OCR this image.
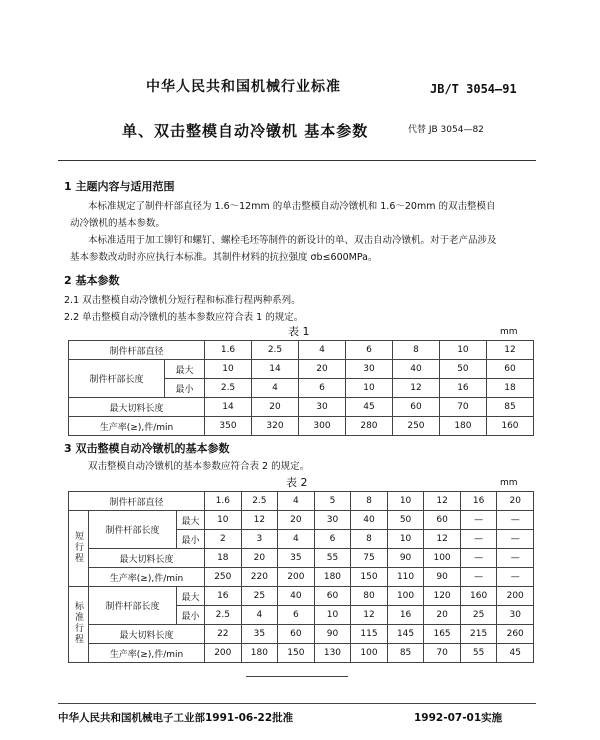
中华人民共和国机械行业标准	JB/T 3054—91
单、双击整模自动冷镦机 基本参数	代替 JB 3054—82
1 主题内容与适用范围
本标准规定了制件杆部直径为 1.6～12mm 的单击整模自动冷镦机和 1.6～20mm 的双击整模自
动冷镦机的基本参数。
本标准适用于加工铆钉和螺钉、螺栓毛坯等制件的新设计的单、双击自动冷镦机。对于老产品涉及
基本参数改动时亦应执行本标准。其制件材料的抗拉强度 σb≤600MPa。
2 基本参数
2.1 双击整模自动冷镦机分短行程和标准行程两种系列。
2.2 单击整模自动冷镦机的基本参数应符合表 1 的规定。
表 1	mm
制件杆部直径		1.6	2.5	4	6	8	10	12
制件杆部长度	最大	10	14	20	30	40	50	60
	最小	2.5	4	6	10	12	16	18
最大切料长度		14	20	30	45	60	70	85
生产率(≥),件/min		350	320	300	280	250	180	160
3 双击整模自动冷镦机的基本参数
双击整模自动冷镦机的基本参数应符合表 2 的规定。
表 2	mm
制件杆部直径			1.6	2.5	4	5	8	10	12	16	20
短行程	制件杆部长度	最大	10	12	20	30	40	50	60	—	—
		最小	2	3	4	6	8	10	12	—	—
	最大切料长度		18	20	35	55	75	90	100	—	—
	生产率(≥),件/min		250	220	200	180	150	110	90	—	—
标准行程	制件杆部长度	最大	16	25	40	60	80	100	120	160	200
		最小	2.5	4	6	10	12	16	20	25	30
	最大切料长度		22	35	60	90	115	145	165	215	260
	生产率(≥),件/min		200	180	150	130	100	85	70	55	45
中华人民共和国机械电子工业部1991-06-22批准	1992-07-01实施
